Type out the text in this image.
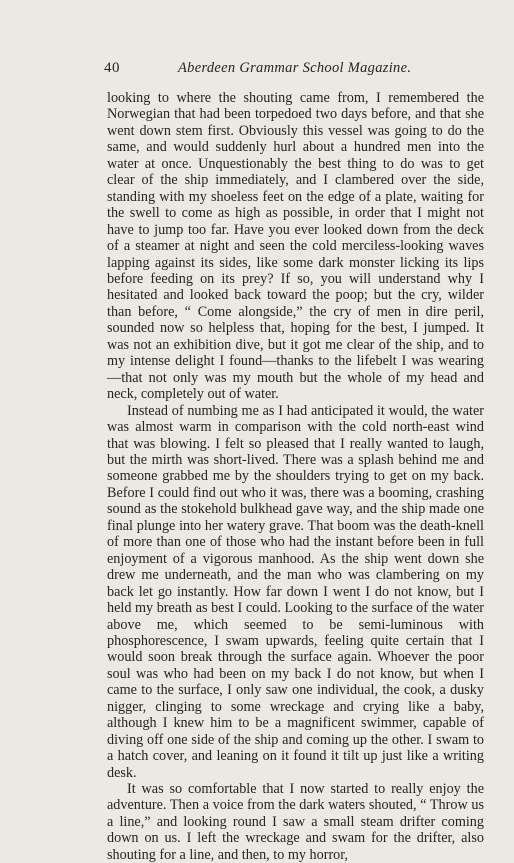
40	Aberdeen Grammar School Magazine.

looking to where the shouting came from, I remembered the Norwegian that had been torpedoed two days before, and that she went down stem first. Obviously this vessel was going to do the same, and would suddenly hurl about a hundred men into the water at once. Unquestionably the best thing to do was to get clear of the ship immediately, and I clambered over the side, standing with my shoeless feet on the edge of a plate, waiting for the swell to come as high as possible, in order that I might not have to jump too far. Have you ever looked down from the deck of a steamer at night and seen the cold merciless-looking waves lapping against its sides, like some dark monster licking its lips before feeding on its prey? If so, you will understand why I hesitated and looked back toward the poop; but the cry, wilder than before, “ Come alongside,” the cry of men in dire peril, sounded now so helpless that, hoping for the best, I jumped. It was not an exhibition dive, but it got me clear of the ship, and to my intense delight I found—thanks to the lifebelt I was wearing—that not only was my mouth but the whole of my head and neck, completely out of water.

Instead of numbing me as I had anticipated it would, the water was almost warm in comparison with the cold north-east wind that was blowing. I felt so pleased that I really wanted to laugh, but the mirth was short-lived. There was a splash behind me and someone grabbed me by the shoulders trying to get on my back. Before I could find out who it was, there was a booming, crashing sound as the stokehold bulkhead gave way, and the ship made one final plunge into her watery grave. That boom was the death-knell of more than one of those who had the instant before been in full enjoyment of a vigorous manhood. As the ship went down she drew me underneath, and the man who was clambering on my back let go instantly. How far down I went I do not know, but I held my breath as best I could. Looking to the surface of the water above me, which seemed to be semi-luminous with phosphorescence, I swam upwards, feeling quite certain that I would soon break through the surface again. Whoever the poor soul was who had been on my back I do not know, but when I came to the surface, I only saw one individual, the cook, a dusky nigger, clinging to some wreckage and crying like a baby, although I knew him to be a magnificent swimmer, capable of diving off one side of the ship and coming up the other. I swam to a hatch cover, and leaning on it found it tilt up just like a writing desk.

It was so comfortable that I now started to really enjoy the adventure. Then a voice from the dark waters shouted, “ Throw us a line,” and looking round I saw a small steam drifter coming down on us. I left the wreckage and swam for the drifter, also shouting for a line, and then, to my horror,
